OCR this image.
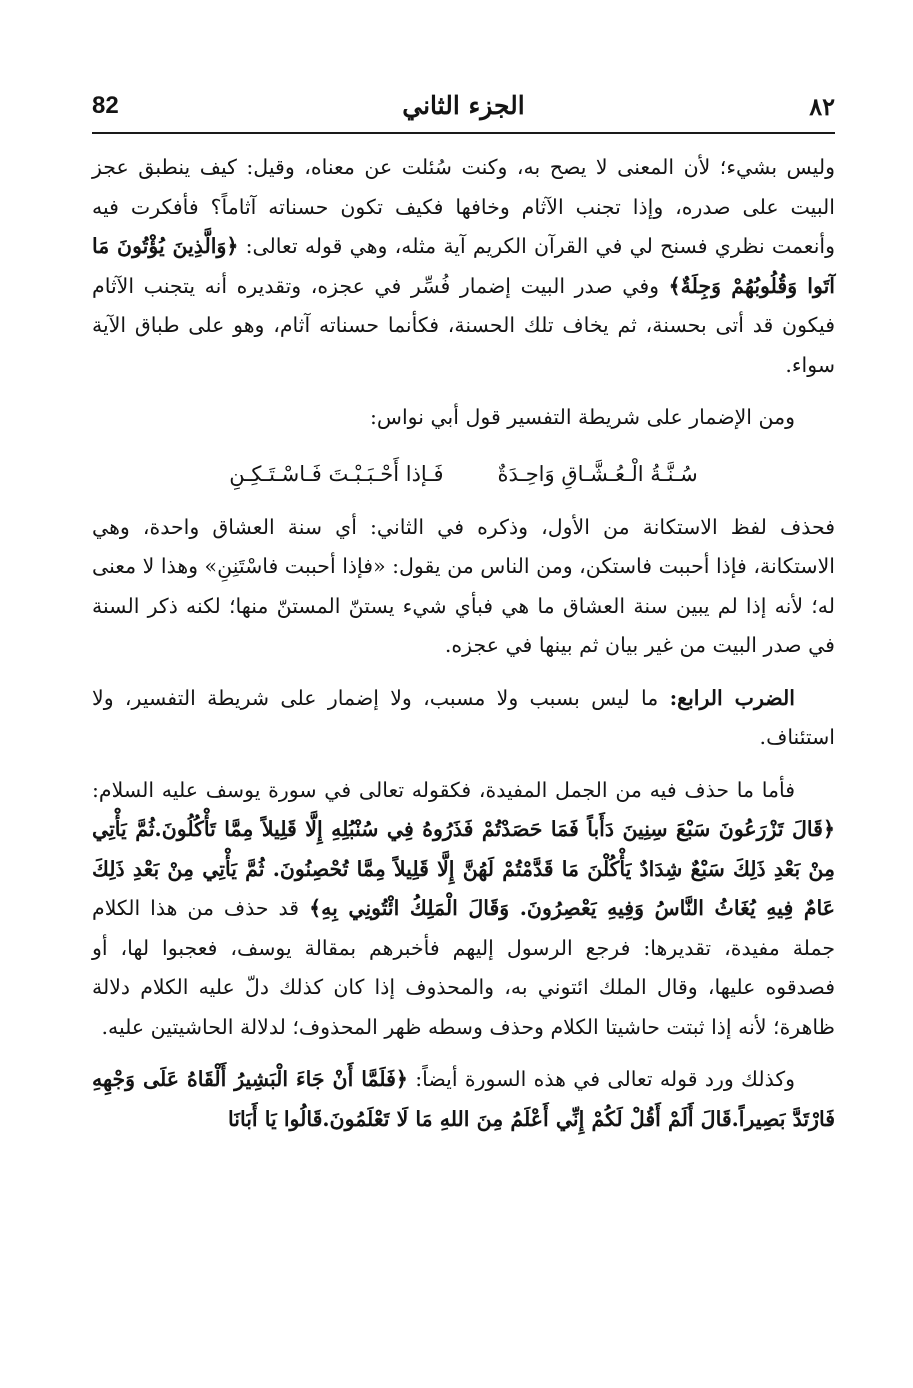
٨٢
الجزء الثاني
82

وليس بشيء؛ لأن المعنى لا يصح به، وكنت سُئلت عن معناه، وقيل: كيف ينطبق عجز البيت على صدره، وإذا تجنب الآثام وخافها فكيف تكون حسناته آثاماً؟ فأفكرت فيه وأنعمت نظري فسنح لي في القرآن الكريم آية مثله، وهي قوله تعالى: ﴿وَالَّذِينَ يُؤْتُونَ مَا آتَوا وَقُلُوبُهُمْ وَجِلَةٌ﴾ وفي صدر البيت إضمار فُسِّر في عجزه، وتقديره أنه يتجنب الآثام فيكون قد أتى بحسنة، ثم يخاف تلك الحسنة، فكأنما حسناته آثام، وهو على طباق الآية سواء.

ومن الإضمار على شريطة التفسير قول أبي نواس:

سُـنَّـةُ الْـعُـشَّـاقِ وَاحِـدَةٌ
فَـإذا أَحْـبَـبْـتَ فَـاسْـتَـكِـنِ

فحذف لفظ الاستكانة من الأول، وذكره في الثاني: أي سنة العشاق واحدة، وهي الاستكانة، فإذا أحببت فاستكن، ومن الناس من يقول: «فإذا أحببت فاسْتَنِنِ» وهذا لا معنى له؛ لأنه إذا لم يبين سنة العشاق ما هي فبأي شيء يستنّ المستنّ منها؛ لكنه ذكر السنة في صدر البيت من غير بيان ثم بينها في عجزه.

الضرب الرابع: ما ليس بسبب ولا مسبب، ولا إضمار على شريطة التفسير، ولا استئناف.

فأما ما حذف فيه من الجمل المفيدة، فكقوله تعالى في سورة يوسف عليه السلام: ﴿قَالَ تَزْرَعُونَ سَبْعَ سِنِينَ دَأَباً فَمَا حَصَدْتُمْ فَذَرُوهُ فِي سُنْبُلِهِ إِلَّا قَلِيلاً مِمَّا تَأْكُلُونَ.ثُمَّ يَأْتِي مِنْ بَعْدِ ذَلِكَ سَبْعٌ شِدَادٌ يَأْكُلْنَ مَا قَدَّمْتُمْ لَهُنَّ إِلَّا قَلِيلاً مِمَّا تُحْصِنُونَ. ثُمَّ يَأْتِي مِنْ بَعْدِ ذَلِكَ عَامٌ فِيهِ يُغَاثُ النَّاسُ وَفِيهِ يَعْصِرُونَ. وَقَالَ الْمَلِكُ ائْتُونِي بِهِ﴾ قد حذف من هذا الكلام جملة مفيدة، تقديرها: فرجع الرسول إليهم فأخبرهم بمقالة يوسف، فعجبوا لها، أو فصدقوه عليها، وقال الملك ائتوني به، والمحذوف إذا كان كذلك دلّ عليه الكلام دلالة ظاهرة؛ لأنه إذا ثبتت حاشيتا الكلام وحذف وسطه ظهر المحذوف؛ لدلالة الحاشيتين عليه.

وكذلك ورد قوله تعالى في هذه السورة أيضاً: ﴿فَلَمَّا أَنْ جَاءَ الْبَشِيرُ أَلْقَاهُ عَلَى وَجْهِهِ فَارْتَدَّ بَصِيراً.قَالَ أَلَمْ أَقُلْ لَكُمْ إِنِّي أَعْلَمُ مِنَ اللهِ مَا لَا تَعْلَمُونَ.قَالُوا يَا أَبَانَا
